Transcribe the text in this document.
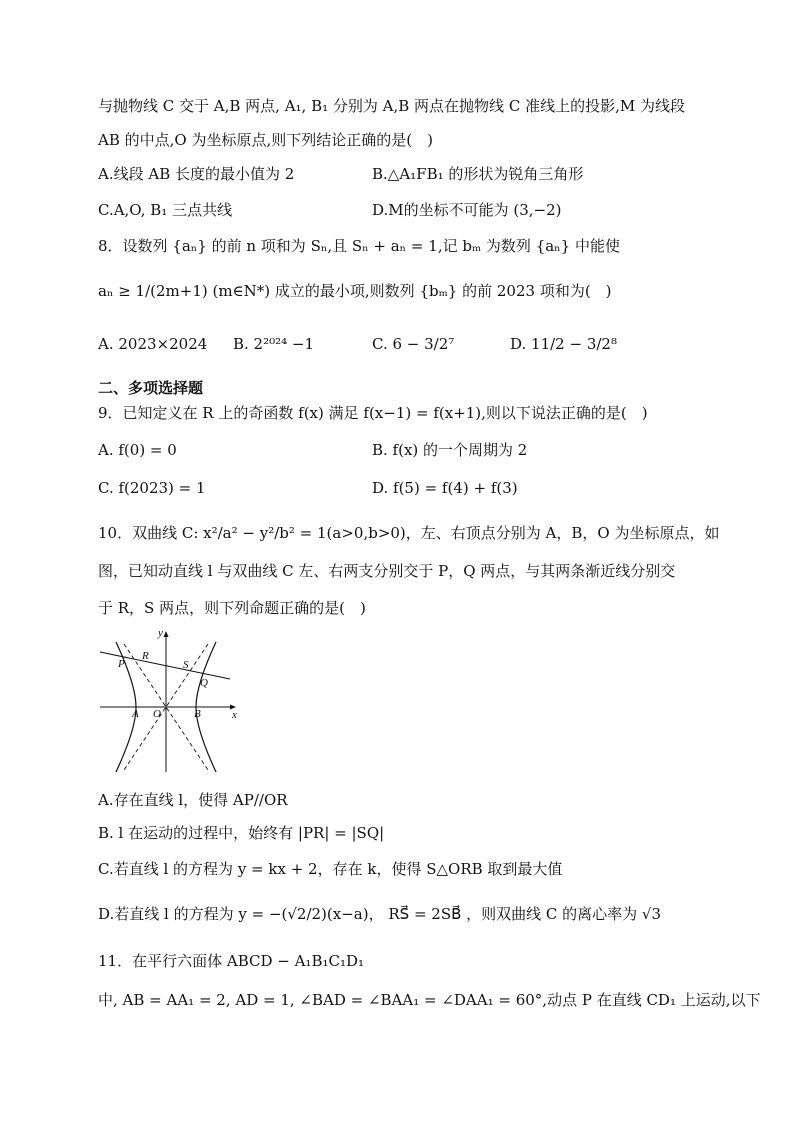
与抛物线 C 交于 A,B 两点, A₁, B₁ 分别为 A,B 两点在抛物线 C 准线上的投影,M 为线段
AB 的中点,O 为坐标原点,则下列结论正确的是(　)
A.线段 AB 长度的最小值为 2	B.△A₁FB₁ 的形状为锐角三角形
C.A,O, B₁ 三点共线	D.M的坐标不可能为 (3,−2)
8．设数列 {aₙ} 的前 n 项和为 Sₙ,且 Sₙ + aₙ = 1,记 bₘ 为数列 {aₙ} 中能使
aₙ ≥ 1/(2m+1) (m∈N*) 成立的最小项,则数列 {bₘ} 的前 2023 项和为(　)
A. 2023×2024 B. 2²⁰²⁴ −1	C. 6 − 3/2⁷	D. 11/2 − 3/2⁸
二、多项选择题
9．已知定义在 R 上的奇函数 f(x) 满足 f(x−1) = f(x+1),则以下说法正确的是(　)
A. f(0) = 0	B. f(x) 的一个周期为 2
C. f(2023) = 1	D. f(5) = f(4) + f(3)
10．双曲线 C: x²/a² − y²/b² = 1(a>0,b>0)，左、右顶点分别为 A，B，O 为坐标原点，如
图，已知动直线 l 与双曲线 C 左、右两支分别交于 P，Q 两点，与其两条渐近线分别交
于 R，S 两点，则下列命题正确的是(　)
y
x
P
R
S
Q
A O	B
A.存在直线 l，使得 AP//OR
B. l 在运动的过程中，始终有 |PR| = |SQ|
C.若直线 l 的方程为 y = kx + 2，存在 k，使得 S△ORB 取到最大值
D.若直线 l 的方程为 y = −(√2/2)(x−a)， RS⃗ = 2SB⃗ ，则双曲线 C 的离心率为 √3
11．在平行六面体 ABCD − A₁B₁C₁D₁
中, AB = AA₁ = 2, AD = 1, ∠BAD = ∠BAA₁ = ∠DAA₁ = 60°,动点 P 在直线 CD₁ 上运动,以下
